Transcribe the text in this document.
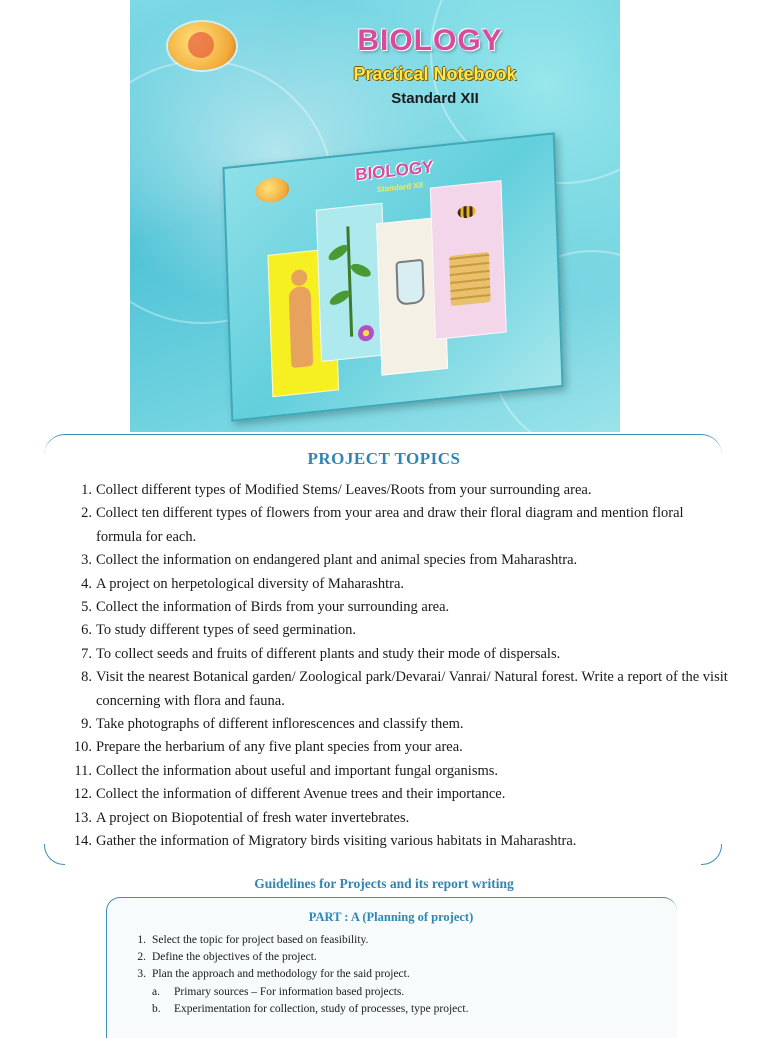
BIOLOGY
Practical Notebook
Standard XII
BIOLOGY
Standard XII
PROJECT TOPICS
1. Collect different types of Modified Stems/ Leaves/Roots from your surrounding area.
2. Collect ten different types of flowers from your area and draw their floral diagram and mention floral formula for each.
3. Collect the information on endangered plant and animal species from Maharashtra.
4. A project on herpetological diversity of Maharashtra.
5. Collect the information of Birds from your surrounding area.
6. To study different types of seed germination.
7. To collect seeds and fruits of different plants and study their mode of dispersals.
8. Visit the nearest Botanical garden/ Zoological park/Devarai/ Vanrai/ Natural forest. Write a report of the visit concerning with flora and fauna.
9. Take photographs of different inflorescences and classify them.
10. Prepare the herbarium of any five plant species from your area.
11. Collect the information about useful and important fungal organisms.
12. Collect the information of different Avenue trees and their importance.
13. A project on Biopotential of fresh water invertebrates.
14. Gather the information of Migratory birds visiting various habitats in Maharashtra.
Guidelines for Projects and its report writing
PART : A (Planning of project)
1. Select the topic for project based on feasibility.
2. Define the objectives of the project.
3. Plan the approach and methodology for the said project.
a.	Primary sources – For information based projects.
b.	Experimentation for collection, study of processes, type project.
